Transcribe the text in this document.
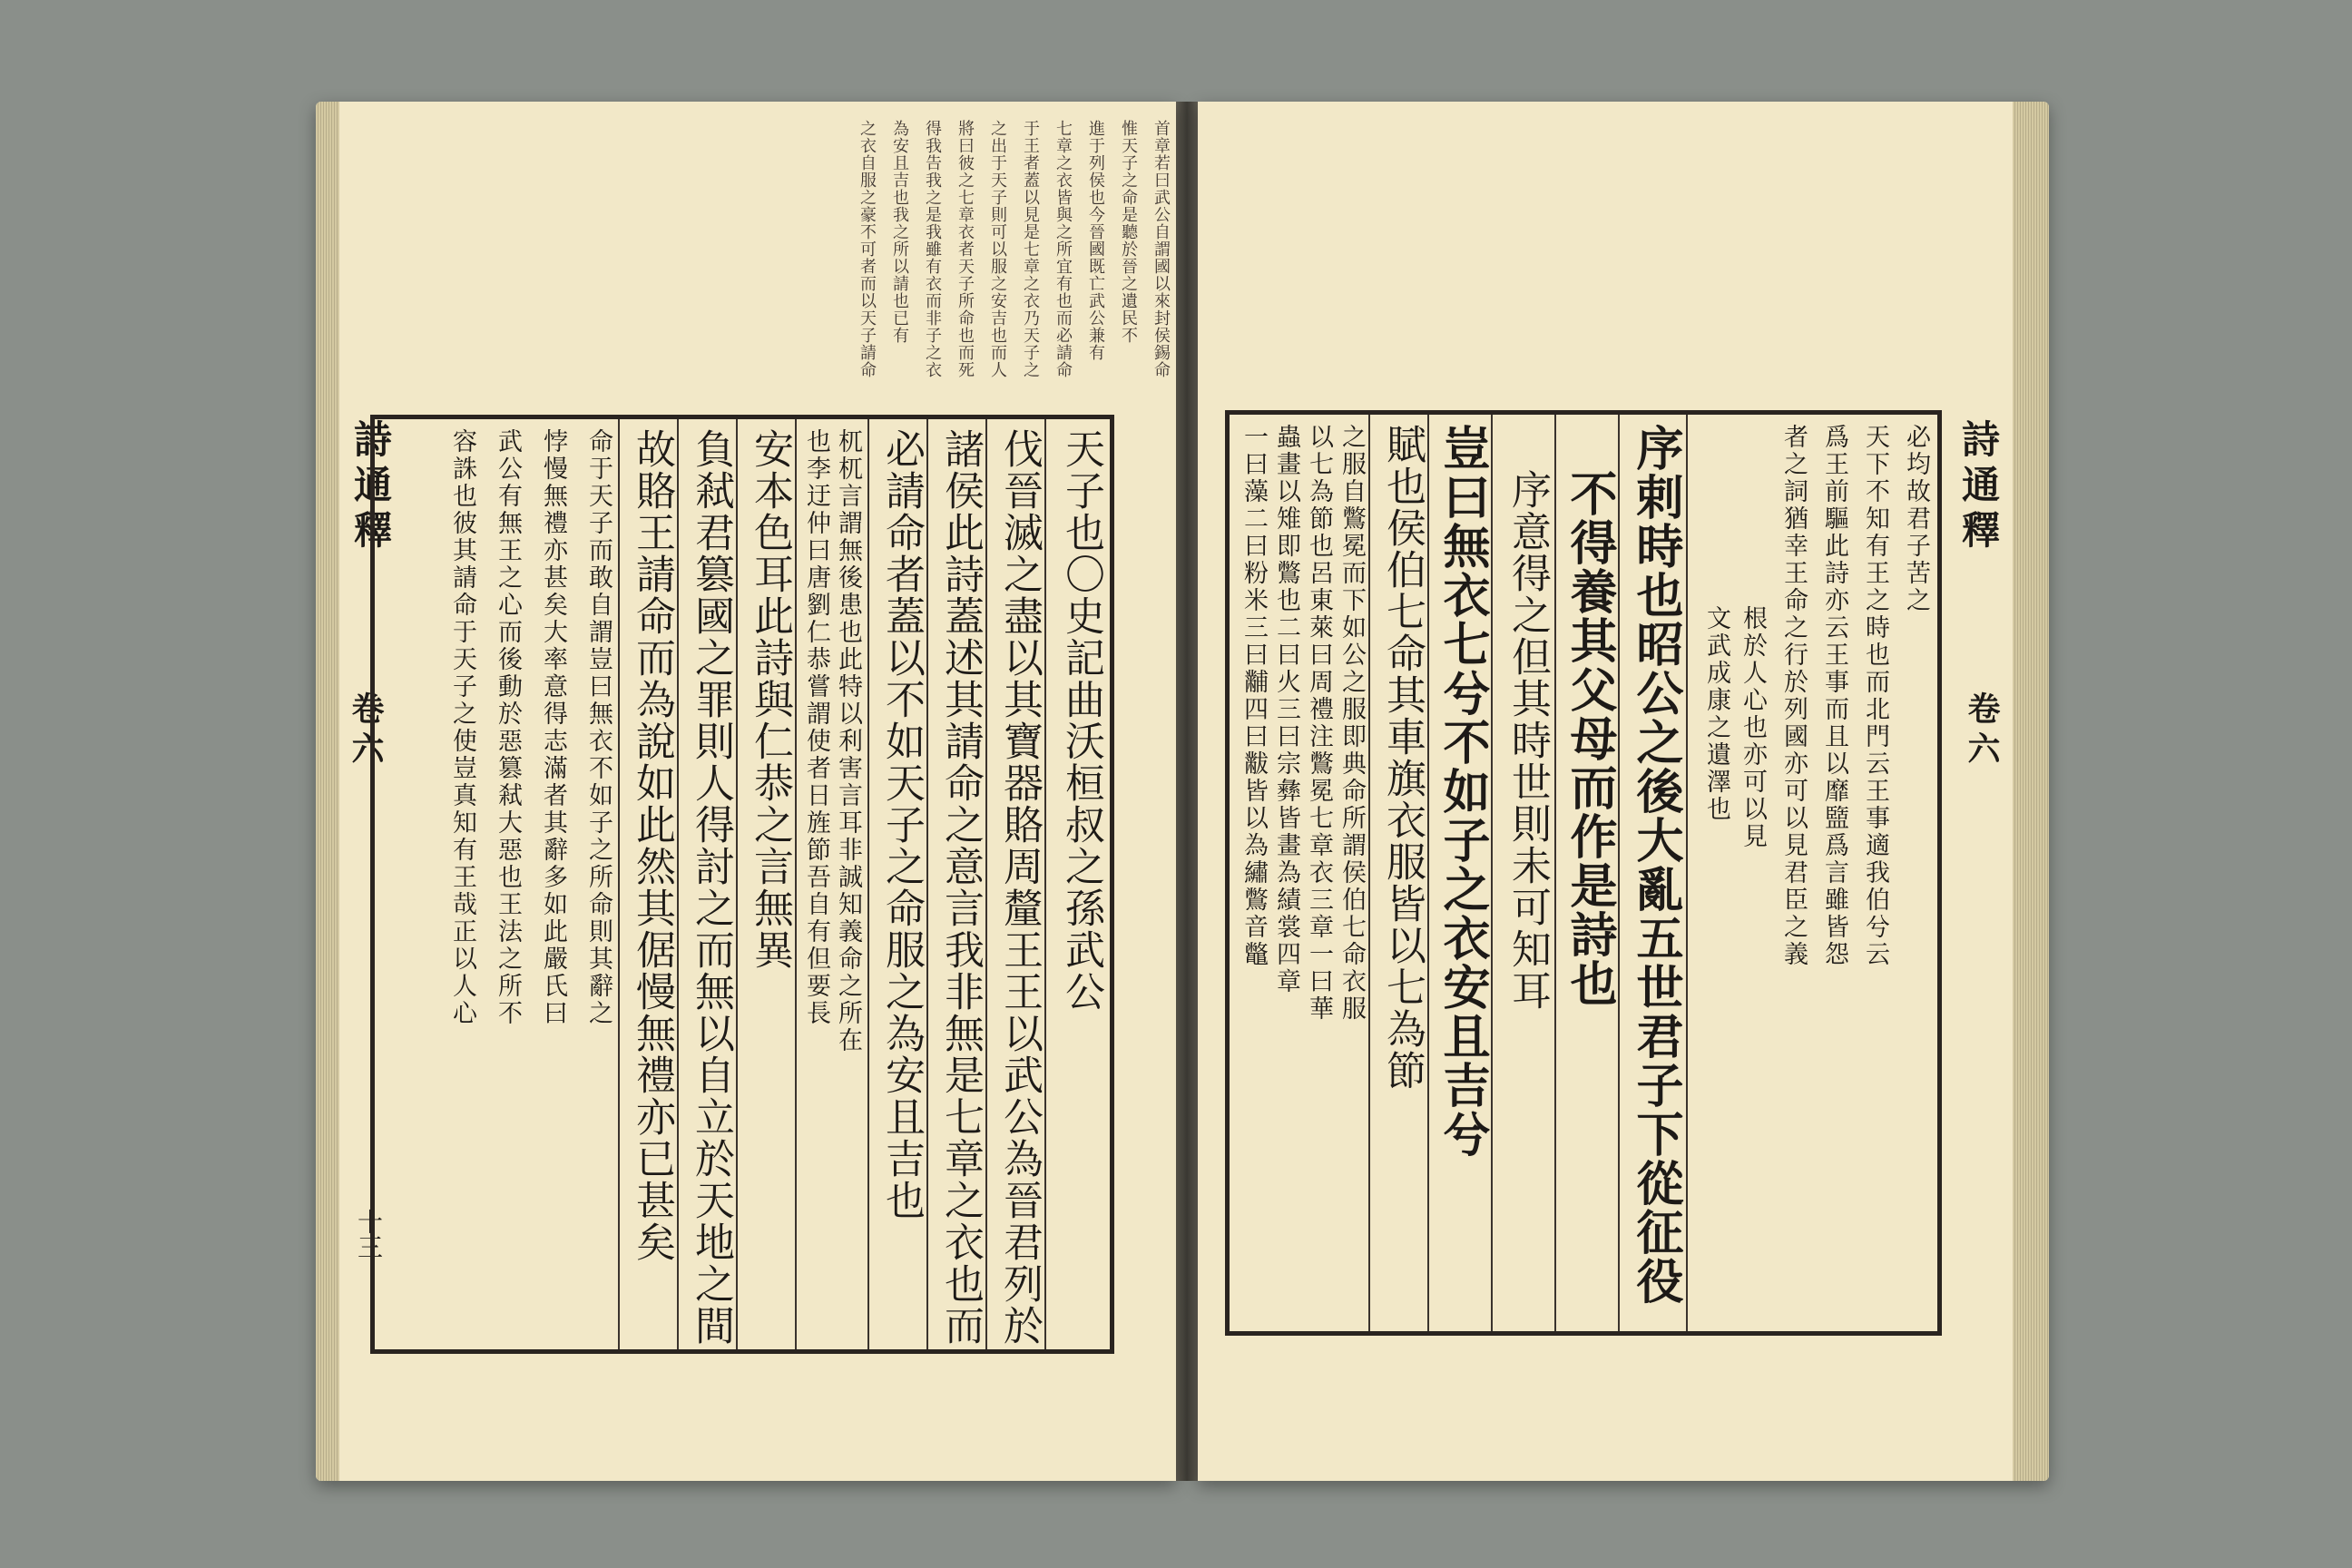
首章若曰武公自謂國以來封侯錫命
惟天子之命是聽於晉之遺民不
進于列侯也今晉國既亡武公兼有
七章之衣皆與之所宜有也而必請命
于王者蓋以見是七章之衣乃天子之
之出于天子則可以服之安吉也而人
將曰彼之七章衣者天子所命也而死
得我告我之是我雖有衣而非子之衣
為安且吉也我之所以請也已有
之衣自服之豪不可者而以天子請命
詩通釋
卷六
十三
天子也〇史記曲沃桓叔之孫武公
伐晉滅之盡以其寶器賂周釐王王以武公為晉君列於
諸侯此詩蓋述其請命之意言我非無是七章之衣也而
必請命者蓋以不如天子之命服之為安且吉也
杌杌言謂無後患也此特以利害言耳非誠知義命之所在
也李迂仲曰唐劉仁恭嘗謂使者日旌節吾自有但要長
安本色耳此詩與仁恭之言無異
負弒君篡國之罪則人得討之而無以自立於天地之間
故賂王請命而為說如此然其倨慢無禮亦已甚矣
命于天子而敢自謂豈曰無衣不如子之所命則其辭之
悖慢無禮亦甚矣大率意得志滿者其辭多如此嚴氏曰
武公有無王之心而後動於惡篡弒大惡也王法之所不
容誅也彼其請命于天子之使豈真知有王哉正以人心	詩通釋
卷六
必均故君子苦之
天下不知有王之時也而北門云王事適我伯兮云
爲王前驅此詩亦云王事而且以靡盬爲言雖皆怨
者之詞猶幸王命之行於列國亦可以見君臣之義
根於人心也亦可以見
文武成康之遺澤也
序剌時也昭公之後大亂五世君子下從征役
不得養其父母而作是詩也
序意得之但其時世則未可知耳
豈曰無衣七兮不如子之衣安且吉兮
賦也侯伯七命其車旗衣服皆以七為節
之服自鷩冕而下如公之服即典命所謂侯伯七命衣服
以七為節也呂東萊曰周禮注鷩冕七章衣三章一曰華
蟲畫以雉即鷩也二曰火三曰宗彝皆畫為績裳四章
一曰藻二曰粉米三曰黼四曰黻皆以為繡鷩音鼈
